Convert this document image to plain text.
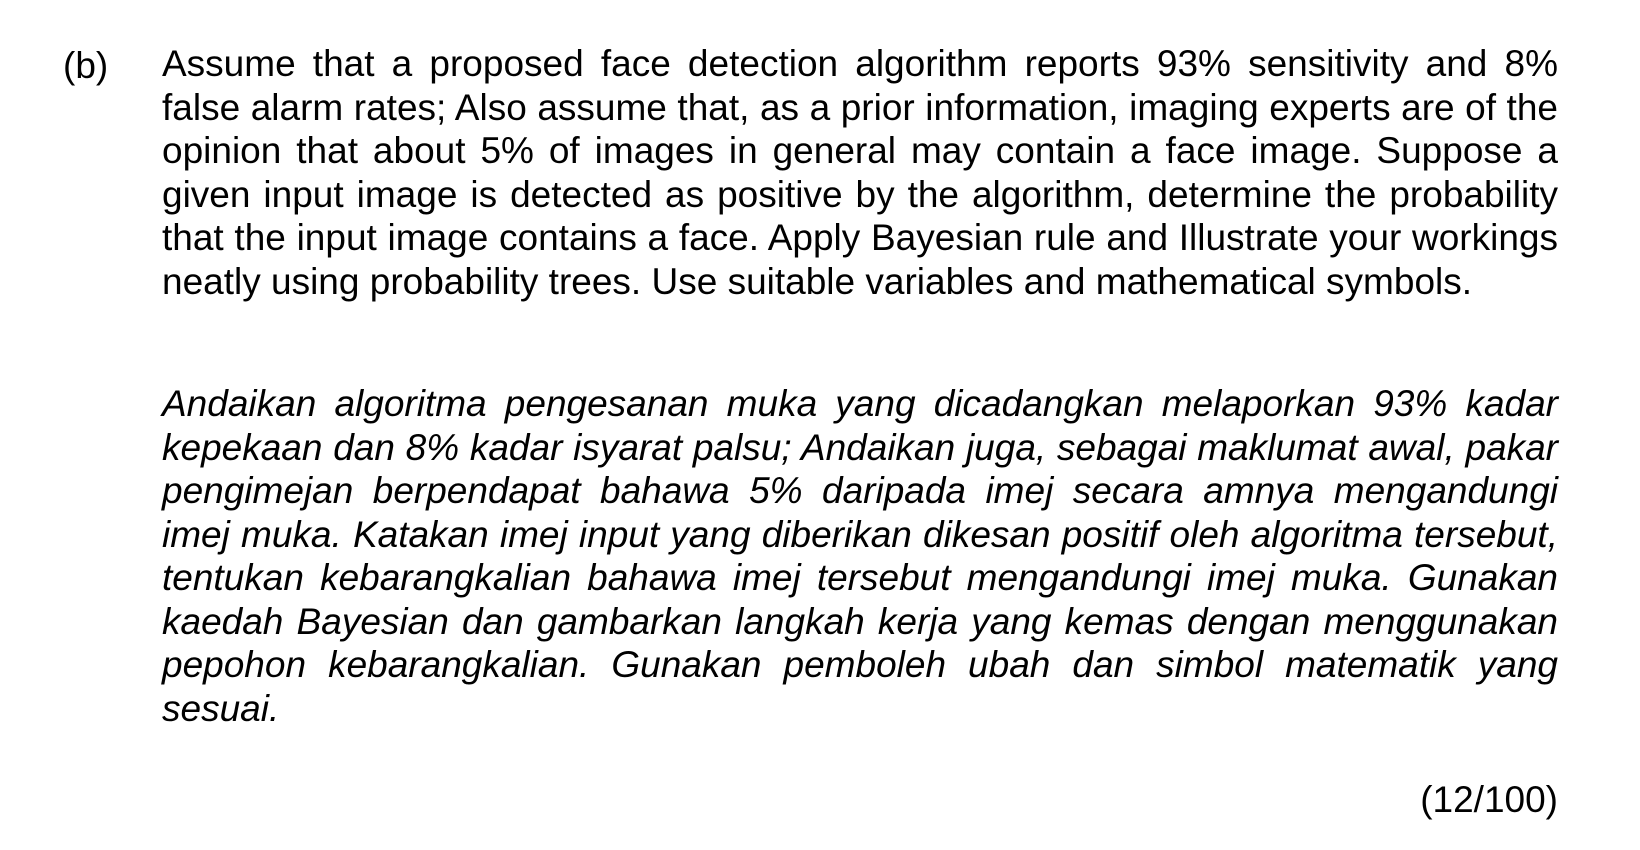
(b) Assume that a proposed face detection algorithm reports 93% sensitivity and 8% false alarm rates; Also assume that, as a prior information, imaging experts are of the opinion that about 5% of images in general may contain a face image. Suppose a given input image is detected as positive by the algorithm, determine the probability that the input image contains a face. Apply Bayesian rule and Illustrate your workings neatly using probability trees. Use suitable variables and mathematical symbols.

Andaikan algoritma pengesanan muka yang dicadangkan melaporkan 93% kadar kepekaan dan 8% kadar isyarat palsu; Andaikan juga, sebagai maklumat awal, pakar pengimejan berpendapat bahawa 5% daripada imej secara amnya mengandungi imej muka. Katakan imej input yang diberikan dikesan positif oleh algoritma tersebut, tentukan kebarangkalian bahawa imej tersebut mengandungi imej muka. Gunakan kaedah Bayesian dan gambarkan langkah kerja yang kemas dengan menggunakan pepohon kebarangkalian. Gunakan pemboleh ubah dan simbol matematik yang sesuai.

(12/100)
